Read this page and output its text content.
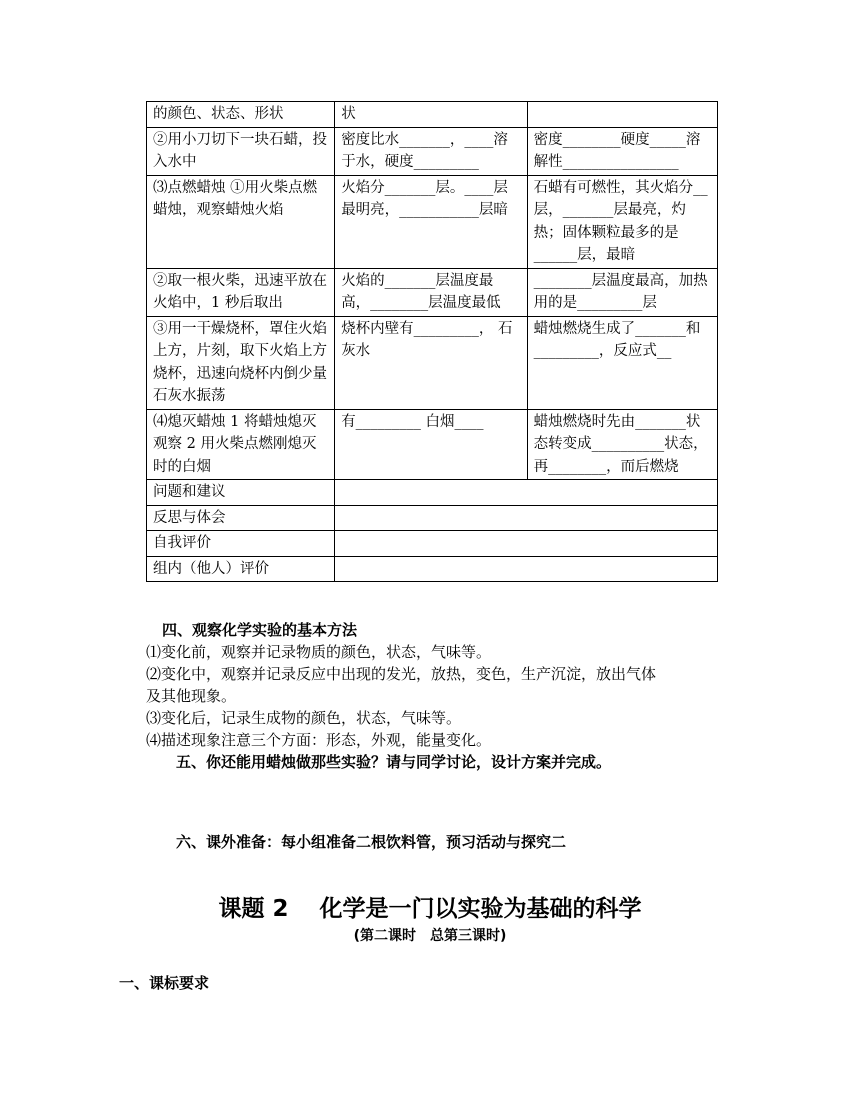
的颜色、状态、形状	状	
②用小刀切下一块石蜡，投入水中	密度比水_______，____溶于水，硬度_________	密度________硬度_____溶解性________________
⑶点燃蜡烛 ①用火柴点燃蜡烛，观察蜡烛火焰	火焰分_______层。____层最明亮，___________层暗	石蜡有可燃性，其火焰分__层，_______层最亮，灼热；固体颗粒最多的是______层，最暗
②取一根火柴，迅速平放在火焰中，1 秒后取出	火焰的_______层温度最高，________层温度最低	________层温度最高，加热用的是_________层
③用一干燥烧杯，罩住火焰上方，片刻，取下火焰上方烧杯，迅速向烧杯内倒少量石灰水振荡	烧杯内壁有_________， 石灰水	蜡烛燃烧生成了_______和_________，反应式__
⑷熄灭蜡烛 1 将蜡烛熄灭观察 2 用火柴点燃刚熄灭时的白烟	有_________ 白烟____	蜡烛燃烧时先由_______状态转变成__________状态，再________，而后燃烧
问题和建议		
反思与体会		
自我评价		
组内（他人）评价		
四、观察化学实验的基本方法
⑴变化前，观察并记录物质的颜色，状态，气味等。
⑵变化中，观察并记录反应中出现的发光，放热，变色，生产沉淀，放出气体
及其他现象。
⑶变化后，记录生成物的颜色，状态，气味等。
⑷描述现象注意三个方面：形态，外观，能量变化。
五、你还能用蜡烛做那些实验？请与同学讨论，设计方案并完成。
六、课外准备：每小组准备二根饮料管，预习活动与探究二
课题 2　 化学是一门以实验为基础的科学
(第二课时　总第三课时)
一、课标要求
